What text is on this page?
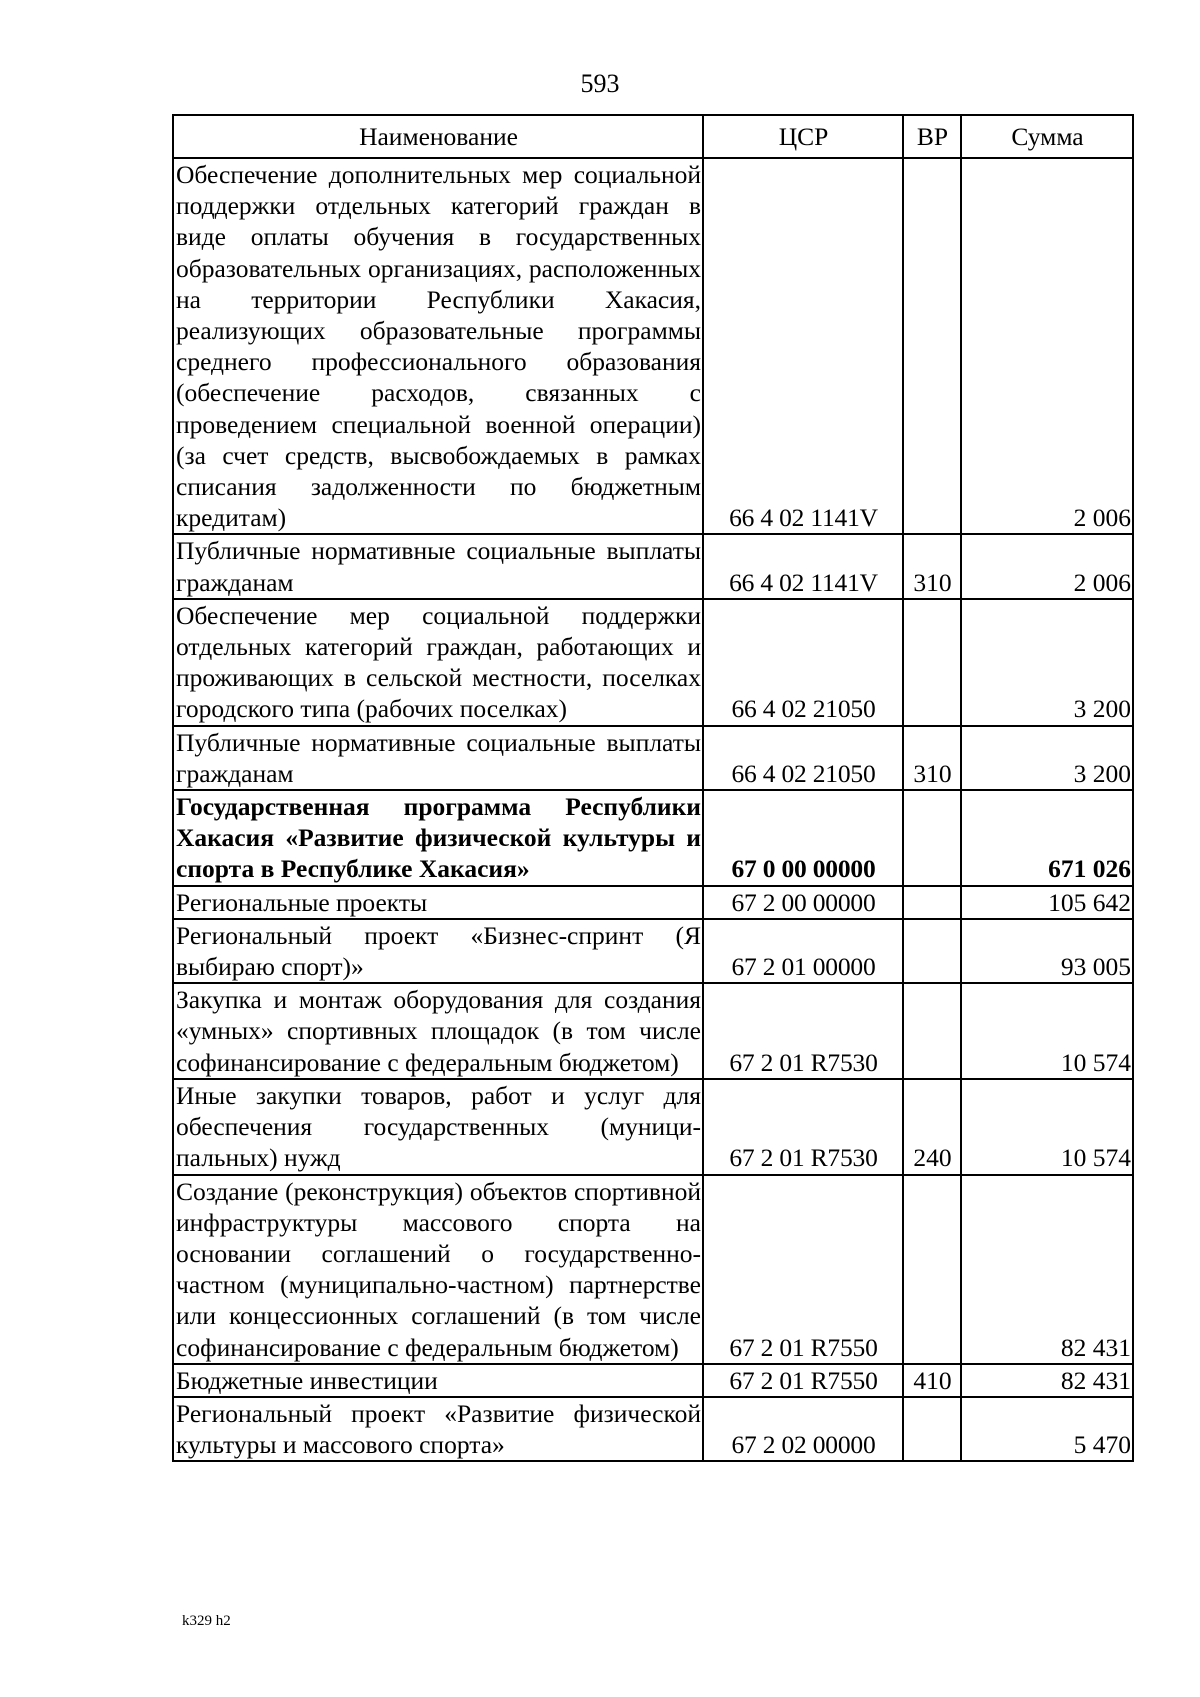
593
Наименование	ЦСР	ВР	Сумма
Обеспечение дополнительных мер социальной поддержки отдельных категорий граждан в виде оплаты обучения в государственных образовательных организациях, расположенных на территории Республики Хакасия, реализующих образовательные программы среднего профессионального образования (обеспечение расходов, связанных с проведением специальной военной операции) (за счет средств, высвобождаемых в рамках списания задолженности по бюджетным кредитам)	66 4 02 1141V		2 006
Публичные нормативные социальные выплаты гражданам	66 4 02 1141V	310	2 006
Обеспечение мер социальной поддержки отдельных категорий граждан, работающих и проживающих в сельской местности, поселках городского типа (рабочих поселках)	66 4 02 21050		3 200
Публичные нормативные социальные выплаты гражданам	66 4 02 21050	310	3 200
Государственная программа Республики Хакасия «Развитие физической культуры и спорта в Республике Хакасия»	67 0 00 00000		671 026
Региональные проекты	67 2 00 00000		105 642
Региональный проект «Бизнес-спринт (Я выбираю спорт)»	67 2 01 00000		93 005
Закупка и монтаж оборудования для создания «умных» спортивных площадок (в том числе софинансирование с федеральным бюджетом)	67 2 01 R7530		10 574
Иные закупки товаров, работ и услуг для обеспечения государственных (муниципальных) нужд	67 2 01 R7530	240	10 574
Создание (реконструкция) объектов спортивной инфраструктуры массового спорта на основании соглашений о государственно-частном (муниципально-частном) партнерстве или концессионных соглашений (в том числе софинансирование с федеральным бюджетом)	67 2 01 R7550		82 431
Бюджетные инвестиции	67 2 01 R7550	410	82 431
Региональный проект «Развитие физической культуры и массового спорта»	67 2 02 00000		5 470
k329 h2
